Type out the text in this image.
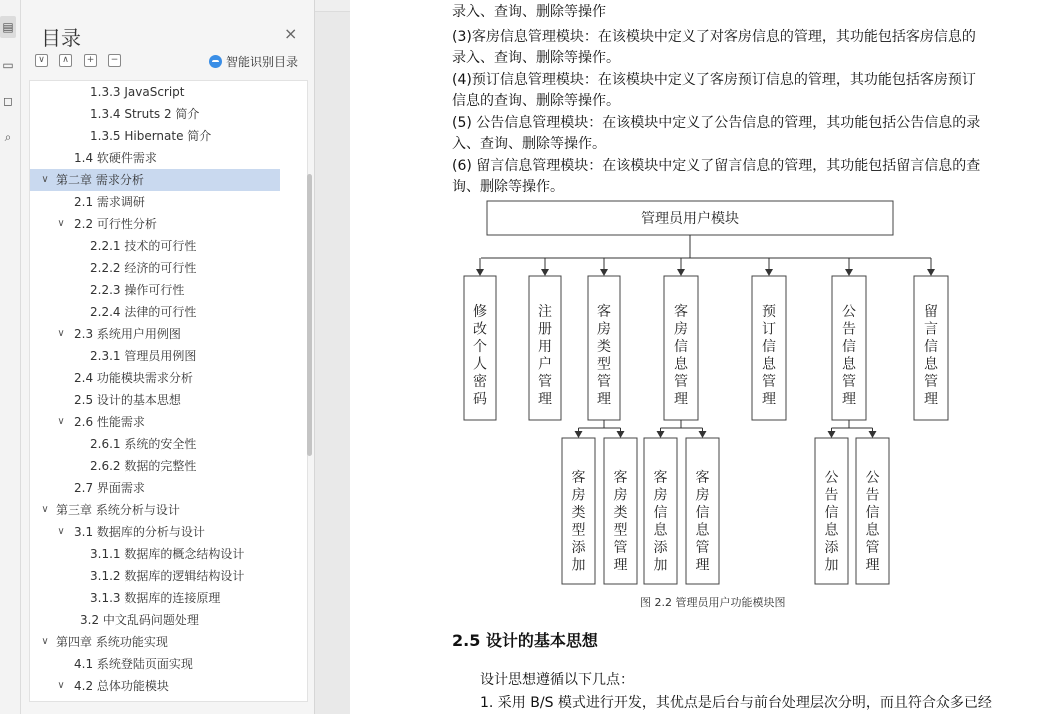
▤
▭
◻
⌕
目录	×
∨	∧	+	−	智能识别目录
1.3.3 JavaScript
1.3.4 Struts 2 简介
1.3.5 Hibernate 简介
1.4 软硬件需求
∨ 第二章 需求分析
2.1 需求调研
∨ 2.2 可行性分析
2.2.1 技术的可行性
2.2.2 经济的可行性
2.2.3 操作可行性
2.2.4 法律的可行性
∨ 2.3 系统用户用例图
2.3.1 管理员用例图
2.4 功能模块需求分析
2.5 设计的基本思想
∨ 2.6 性能需求
2.6.1 系统的安全性
2.6.2 数据的完整性
2.7 界面需求
∨ 第三章 系统分析与设计
∨ 3.1 数据库的分析与设计
3.1.1 数据库的概念结构设计
3.1.2 数据库的逻辑结构设计
3.1.3 数据库的连接原理
3.2 中文乱码问题处理
∨ 第四章 系统功能实现
4.1 系统登陆页面实现
∨ 4.2 总体功能模块
录入、查询、删除等操作
(3)客房信息管理模块：在该模块中定义了对客房信息的管理，其功能包括客房信息的
录入、查询、删除等操作。
(4)预订信息管理模块：在该模块中定义了客房预订信息的管理，其功能包括客房预订
信息的查询、删除等操作。
(5) 公告信息管理模块：在该模块中定义了公告信息的管理，其功能包括公告信息的录
入、查询、删除等操作。
(6) 留言信息管理模块：在该模块中定义了留言信息的管理，其功能包括留言信息的查
询、删除等操作。
管理员用户模块
修改个人密码
注册用户管理
客房类型管理
客房信息管理
预订信息管理
公告信息管理
留言信息管理
客房类型添加
客房类型管理
客房信息添加
客房信息管理
公告信息添加
公告信息管理
图 2.2 管理员用户功能模块图
2.5 设计的基本思想
设计思想遵循以下几点：
1. 采用 B/S 模式进行开发，其优点是后台与前台处理层次分明，而且符合众多已经
